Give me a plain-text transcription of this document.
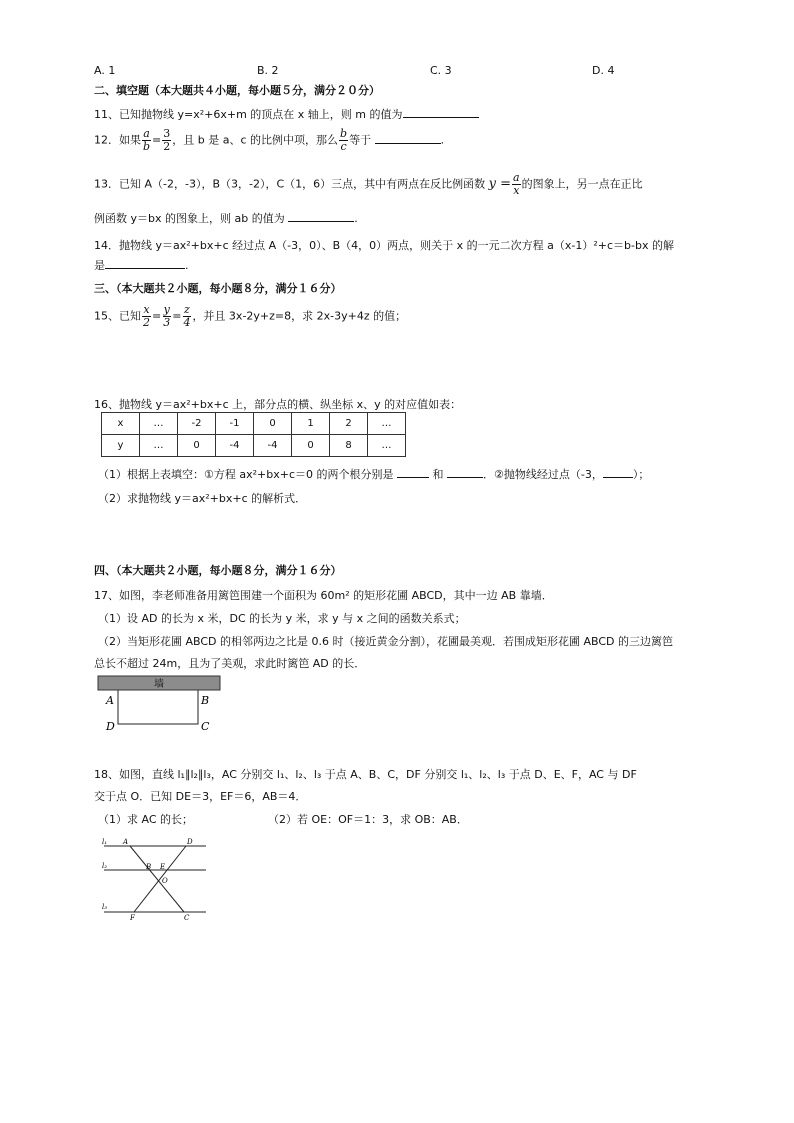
A. 1	B. 2	C. 3	D. 4
二、填空题（本大题共４小题，每小题５分，满分２０分）
11、已知抛物线 y=x²+6x+m 的顶点在 x 轴上，则 m 的值为
12．如果 $\frac{a}{b} = \frac{3}{2}$ ，且 b 是 a、c 的比例中项，那么 $\frac{b}{c}$ 等于	.
13．已知 A（-2，-3），B（3，-2），C（1，6）三点，其中有两点在反比例函数 $y = \frac{a}{x}$ 的图象上，另一点在正比
例函数 y＝bx 的图象上，则 ab 的值为	.
14．抛物线 y＝ax²+bx+c 经过点 A（-3，0）、B（4，0）两点，则关于 x 的一元二次方程 a（x-1）²+c＝b-bx 的解
是	.
三、（本大题共２小题，每小题８分，满分１６分）
15、已知 $\frac{x}{2} = \frac{y}{3} = \frac{z}{4}$ ，并且 3x-2y+z=8，求 2x-3y+4z 的值；
16、抛物线 y＝ax²+bx+c 上，部分点的横、纵坐标 x、y 的对应值如表：
x	…	-2	-1	0	1	2	…
y	…	0	-4	-4	0	8	…
（1）根据上表填空：①方程 ax²+bx+c＝0 的两个根分别是	和	．②抛物线经过点（-3，	）；
（2）求抛物线 y＝ax²+bx+c 的解析式．
四、（本大题共２小题，每小题８分，满分１６分）
17、如图，李老师准备用篱笆围建一个面积为 60m² 的矩形花圃 ABCD，其中一边 AB 靠墙．
（1）设 AD 的长为 x 米，DC 的长为 y 米，求 y 与 x 之间的函数关系式；
（2）当矩形花圃 ABCD 的相邻两边之比是 0.6 时（接近黄金分割），花圃最美观．若围成矩形花圃 ABCD 的三边篱笆
总长不超过 24m，且为了美观，求此时篱笆 AD 的长．
墙
A	B
D	C
18、如图，直线 l₁∥l₂∥l₃，AC 分别交 l₁、l₂、l₃ 于点 A、B、C，DF 分别交 l₁、l₂、l₃ 于点 D、E、F，AC 与 DF
交于点 O．已知 DE＝3，EF＝6，AB＝4．
（1）求 AC 的长；	（2）若 OE：OF＝1：3，求 OB：AB．
l₁
l₂
l₃
A	D
B E
O
F	C
